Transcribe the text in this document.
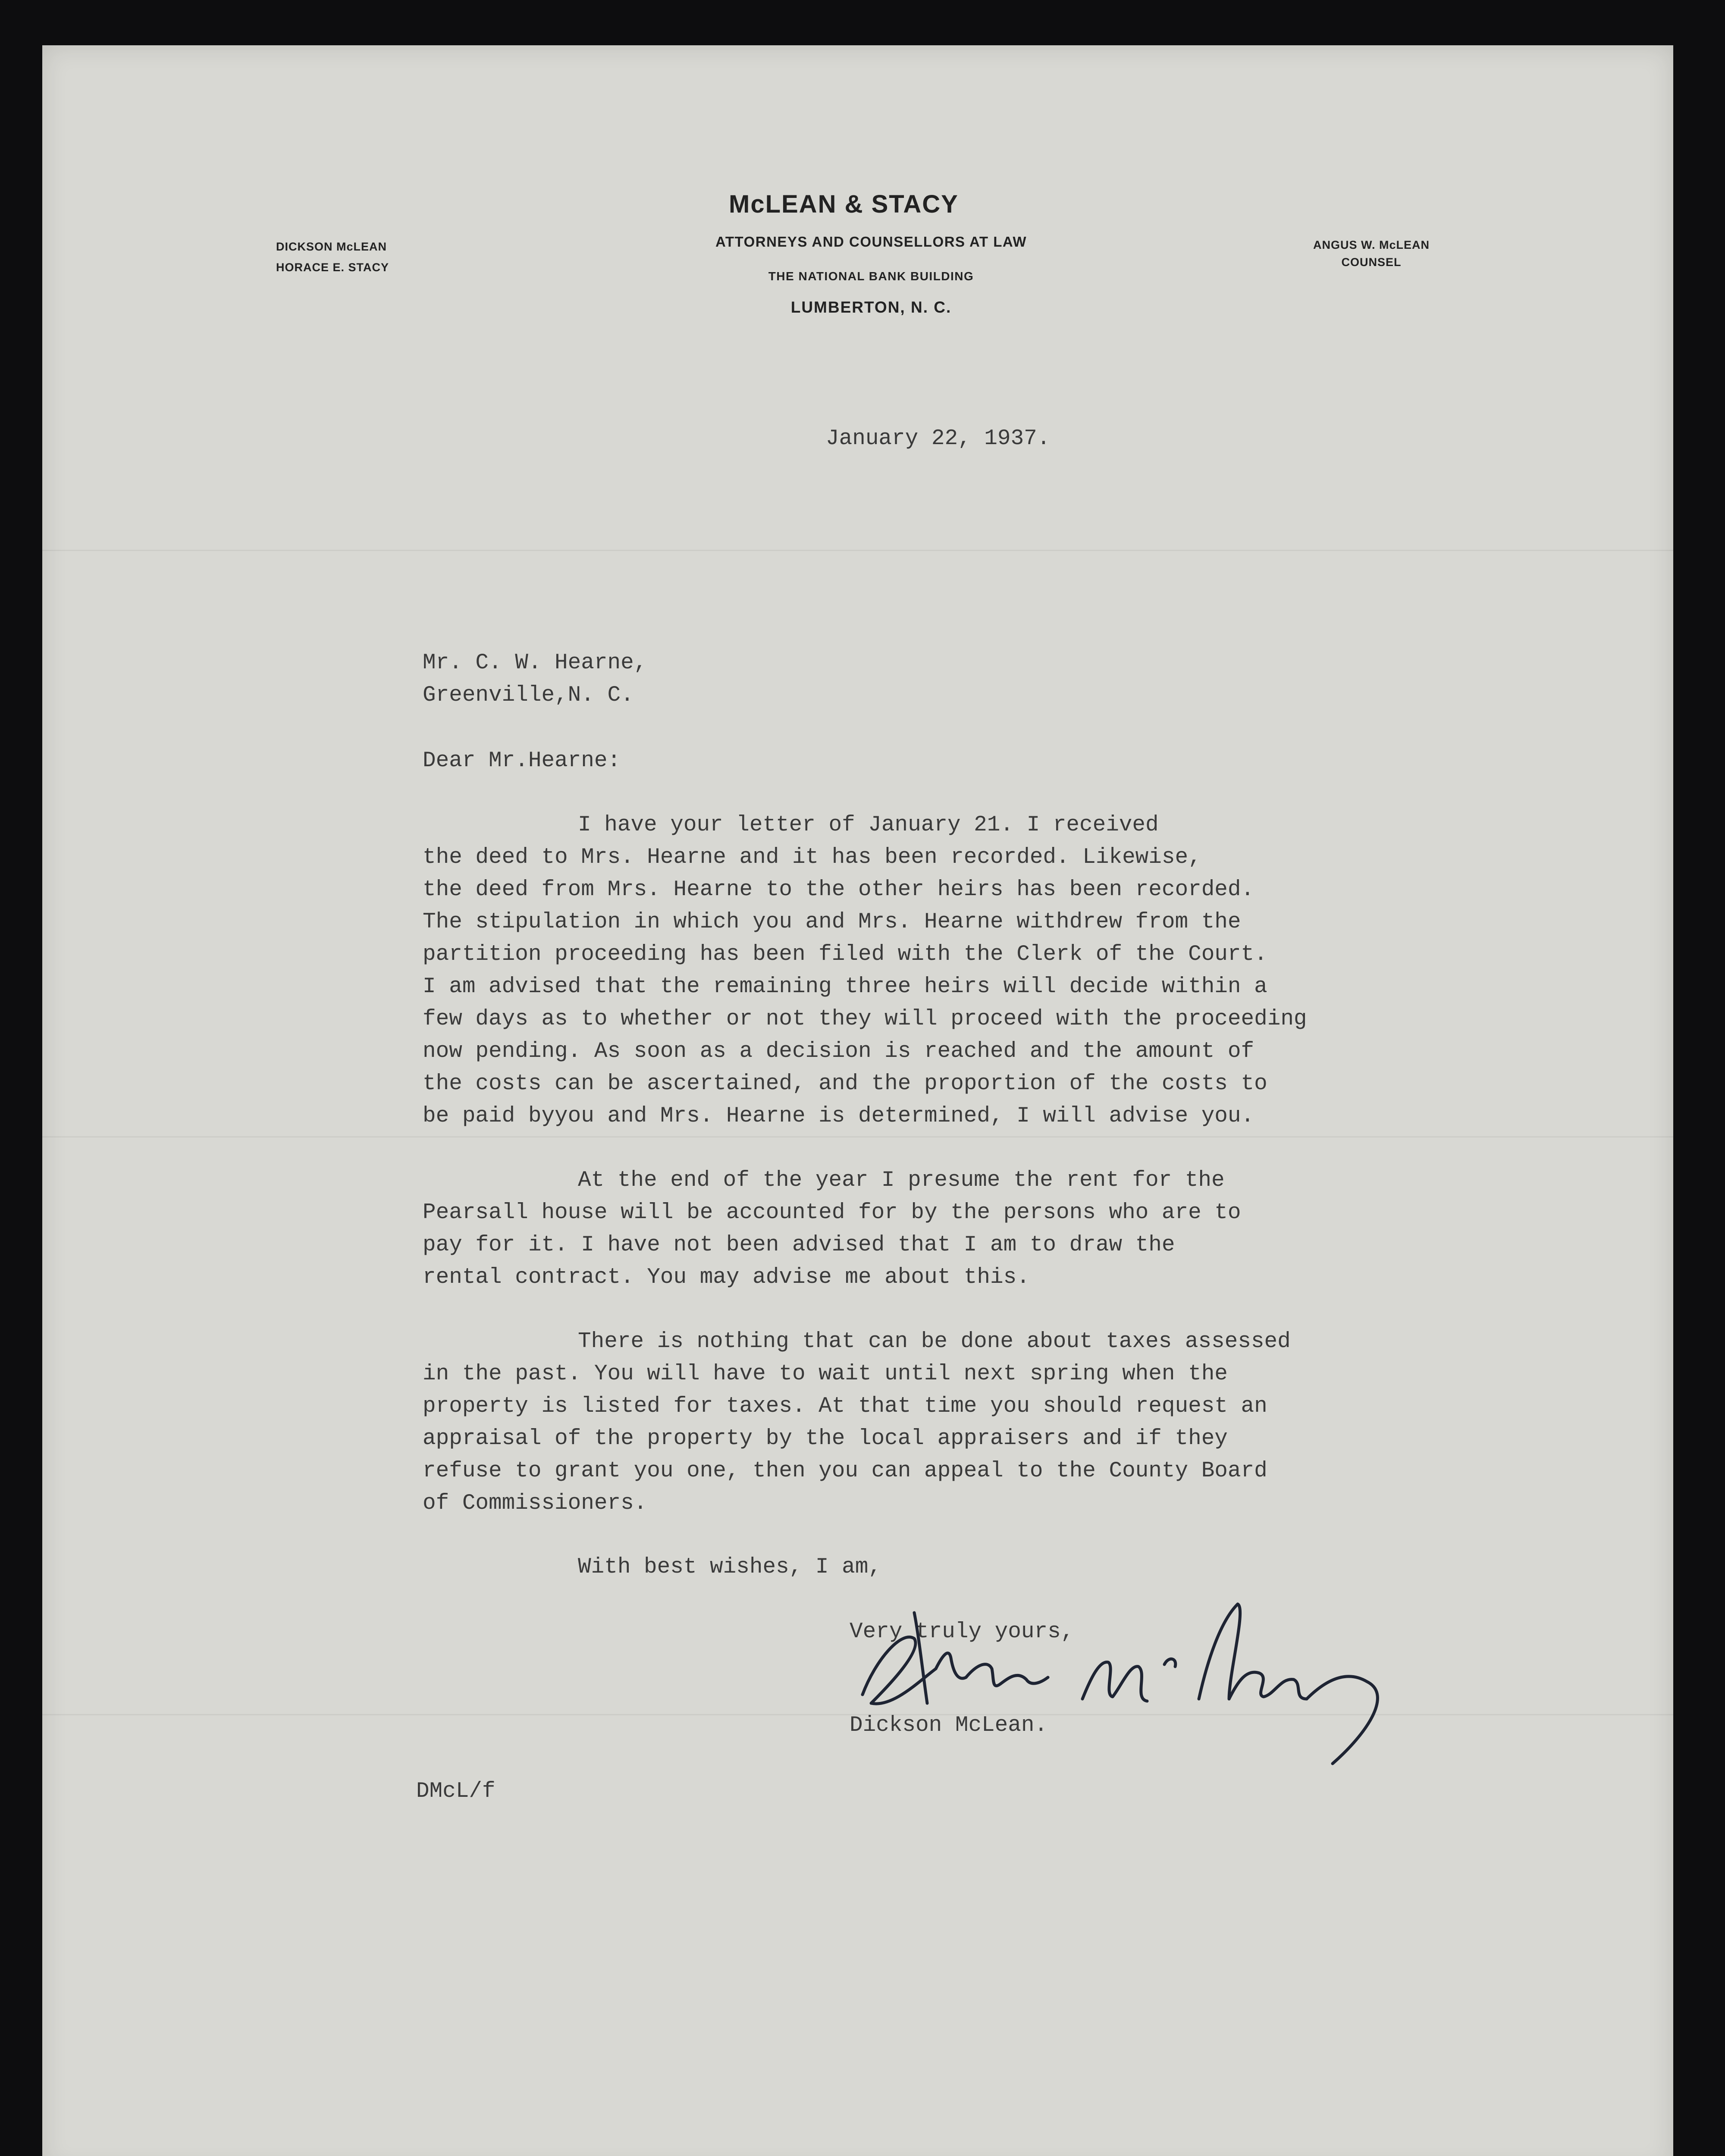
McLEAN & STACY
ATTORNEYS AND COUNSELLORS AT LAW
THE NATIONAL BANK BUILDING
LUMBERTON, N. C.
DICKSON McLEAN
HORACE E. STACY
ANGUS W. McLEAN
COUNSEL
January 22, 1937.
Mr. C. W. Hearne,
Greenville,N. C.
Dear Mr.Hearne:
I have your letter of January 21. I received
the deed to Mrs. Hearne and it has been recorded. Likewise,
the deed from Mrs. Hearne to the other heirs has been recorded.
The stipulation in which you and Mrs. Hearne withdrew from the
partition proceeding has been filed with the Clerk of the Court.
I am advised that the remaining three heirs will decide within a
few days as to whether or not they will proceed with the proceeding
now pending. As soon as a decision is reached and the amount of
the costs can be ascertained, and the proportion of the costs to
be paid byyou and Mrs. Hearne is determined, I will advise you.
At the end of the year I presume the rent for the
Pearsall house will be accounted for by the persons who are to
pay for it. I have not been advised that I am to draw the
rental contract. You may advise me about this.
There is nothing that can be done about taxes assessed
in the past. You will have to wait until next spring when the
property is listed for taxes. At that time you should request an
appraisal of the property by the local appraisers and if they
refuse to grant you one, then you can appeal to the County Board
of Commissioners.
With best wishes, I am,
Very truly yours,
Dickson McLean.
DMcL/f
